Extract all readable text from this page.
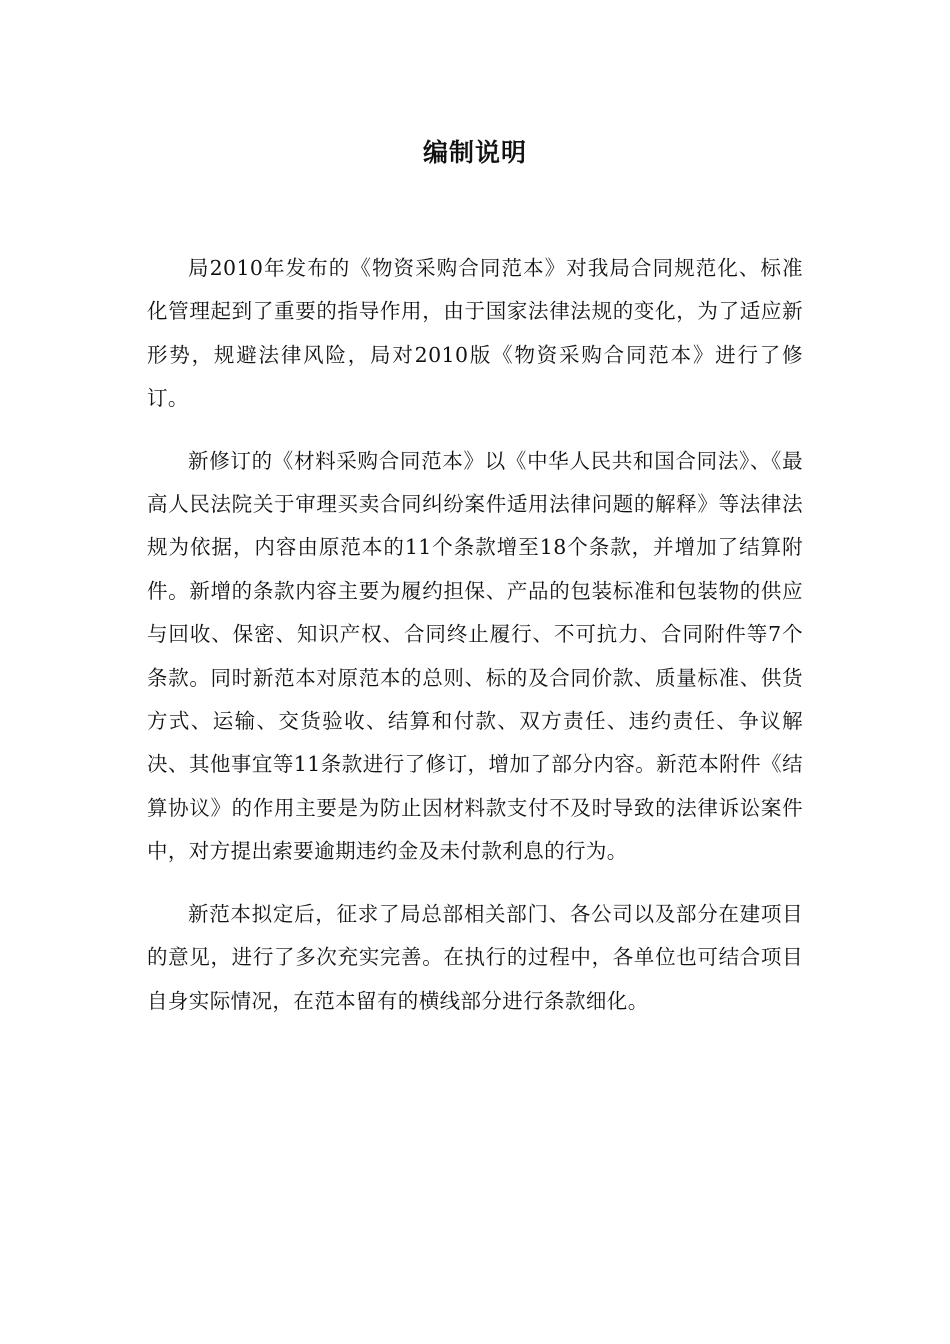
编制说明

局2010年发布的《物资采购合同范本》对我局合同规范化、标准化管理起到了重要的指导作用，由于国家法律法规的变化，为了适应新形势，规避法律风险，局对2010版《物资采购合同范本》进行了修订。

新修订的《材料采购合同范本》以《中华人民共和国合同法》、《最高人民法院关于审理买卖合同纠纷案件适用法律问题的解释》等法律法规为依据，内容由原范本的11个条款增至18个条款，并增加了结算附件。新增的条款内容主要为履约担保、产品的包装标准和包装物的供应与回收、保密、知识产权、合同终止履行、不可抗力、合同附件等7个条款。同时新范本对原范本的总则、标的及合同价款、质量标准、供货方式、运输、交货验收、结算和付款、双方责任、违约责任、争议解决、其他事宜等11条款进行了修订，增加了部分内容。新范本附件《结算协议》的作用主要是为防止因材料款支付不及时导致的法律诉讼案件中，对方提出索要逾期违约金及未付款利息的行为。

新范本拟定后，征求了局总部相关部门、各公司以及部分在建项目的意见，进行了多次充实完善。在执行的过程中，各单位也可结合项目自身实际情况，在范本留有的横线部分进行条款细化。
